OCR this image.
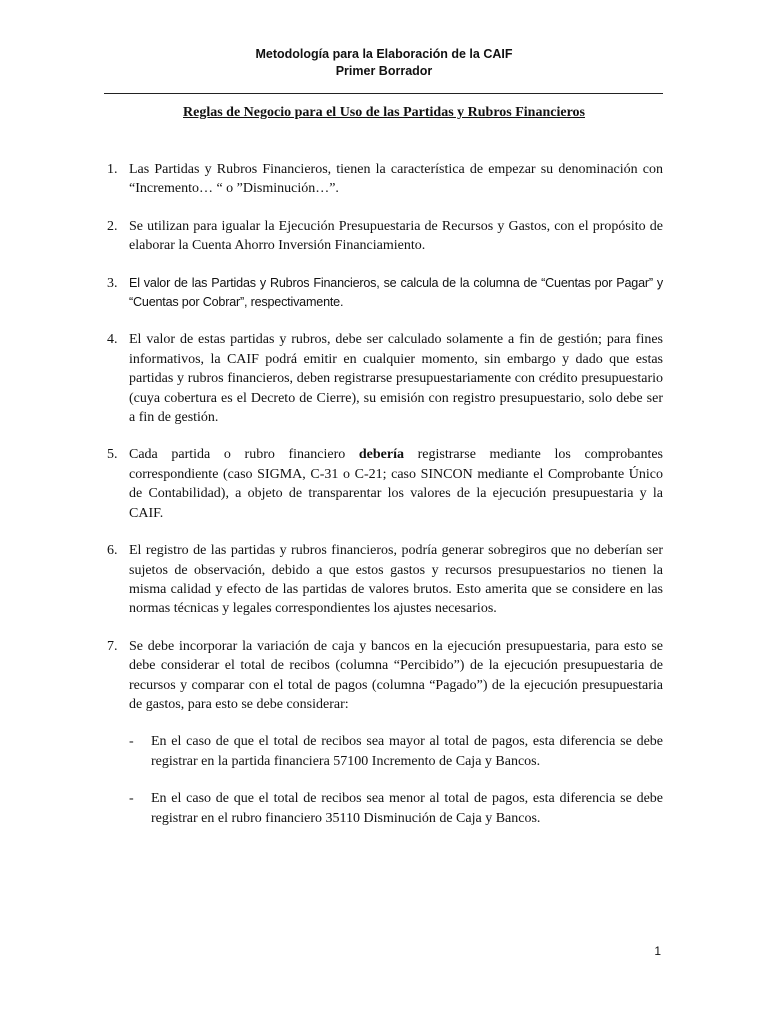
Metodología para la Elaboración de la CAIF
Primer Borrador
Reglas de Negocio para el Uso de las Partidas y Rubros Financieros
1. Las Partidas y Rubros Financieros, tienen la característica de empezar su denominación con “Incremento… “ o ”Disminución…”.
2. Se utilizan para igualar la Ejecución Presupuestaria de Recursos y Gastos, con el propósito de elaborar la Cuenta Ahorro Inversión Financiamiento.
3. El valor de las Partidas y Rubros Financieros, se calcula de la columna de “Cuentas por Pagar” y “Cuentas por Cobrar”, respectivamente.
4. El valor de estas partidas y rubros, debe ser calculado solamente a fin de gestión; para fines informativos, la CAIF podrá emitir en cualquier momento, sin embargo y dado que estas partidas y rubros financieros, deben registrarse presupuestariamente con crédito presupuestario (cuya cobertura es el Decreto de Cierre), su emisión con registro presupuestario, solo debe ser a fin de gestión.
5. Cada partida o rubro financiero debería registrarse mediante los comprobantes correspondiente (caso SIGMA, C-31 o C-21; caso SINCON mediante el Comprobante Único de Contabilidad), a objeto de transparentar los valores de la ejecución presupuestaria y la CAIF.
6. El registro de las partidas y rubros financieros, podría generar sobregiros que no deberían ser sujetos de observación, debido a que estos gastos y recursos presupuestarios no tienen la misma calidad y efecto de las partidas de valores brutos. Esto amerita que se considere en las normas técnicas y legales correspondientes los ajustes necesarios.
7. Se debe incorporar la variación de caja y bancos en la ejecución presupuestaria, para esto se debe considerar el total de recibos (columna “Percibido”) de la ejecución presupuestaria de recursos y comparar con el total de pagos (columna “Pagado”) de la ejecución presupuestaria de gastos, para esto se debe considerar:
- En el caso de que el total de recibos sea mayor al total de pagos, esta diferencia se debe registrar en la partida financiera 57100 Incremento de Caja y Bancos.
- En el caso de que el total de recibos sea menor al total de pagos, esta diferencia se debe registrar en el rubro financiero 35110 Disminución de Caja y Bancos.
1
